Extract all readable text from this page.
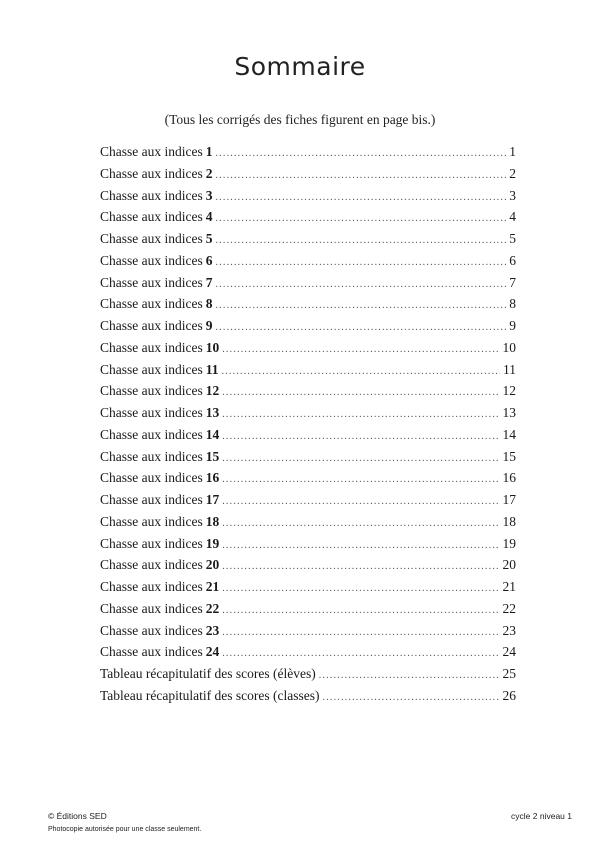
Sommaire
(Tous les corrigés des fiches figurent en page bis.)
Chasse aux indices 1 .....	1
Chasse aux indices 2 .....	2
Chasse aux indices 3 .....	3
Chasse aux indices 4 .....	4
Chasse aux indices 5 .....	5
Chasse aux indices 6 .....	6
Chasse aux indices 7 .....	7
Chasse aux indices 8 .....	8
Chasse aux indices 9 .....	9
Chasse aux indices 10 .....	10
Chasse aux indices 11 .....	11
Chasse aux indices 12 .....	12
Chasse aux indices 13 .....	13
Chasse aux indices 14 .....	14
Chasse aux indices 15 .....	15
Chasse aux indices 16 .....	16
Chasse aux indices 17 .....	17
Chasse aux indices 18 .....	18
Chasse aux indices 19 .....	19
Chasse aux indices 20 .....	20
Chasse aux indices 21 .....	21
Chasse aux indices 22 .....	22
Chasse aux indices 23 .....	23
Chasse aux indices 24 .....	24
Tableau récapitulatif des scores (élèves) .....	25
Tableau récapitulatif des scores (classes) .....	26
© Éditions SED
Photocopie autorisée pour une classe seulement.
cycle 2 niveau 1
